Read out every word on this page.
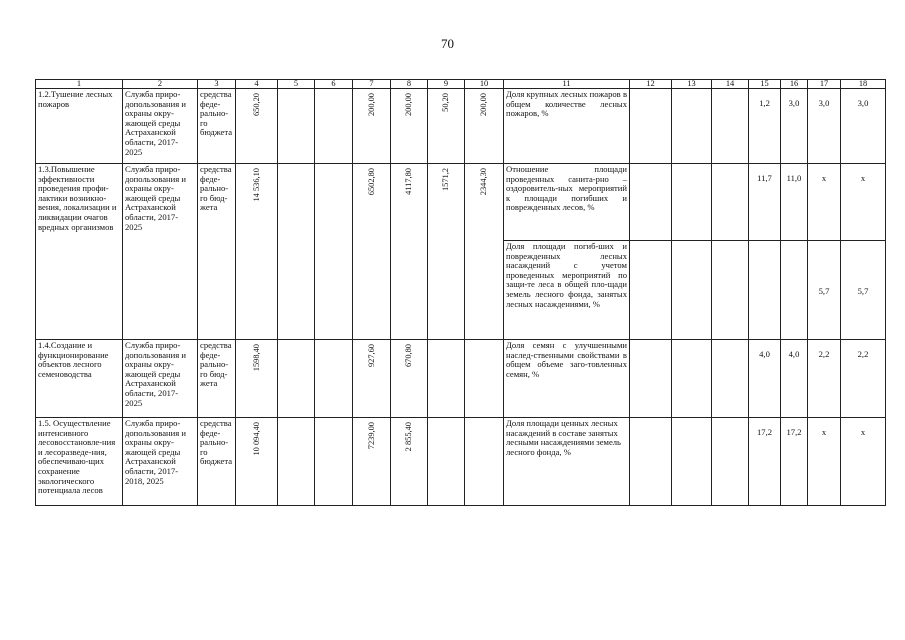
70
1	2	3	4	5	6	7	8	9	10	11	12	13	14	15	16	17	18
1.2.Тушение лесных пожаров	Служба приро-допользования и охраны окру-жающей среды Астраханской области, 2017-2025	средства феде-рально-го бюджета	650,20			200,00	200,00	50,20	200,00	Доля крупных лесных пожаров в общем количестве лесных пожаров, %				1,2	3,0	3,0	3,0
1.3.Повышение эффективности проведения профи-лактики возникно-вения, локализации и ликвидации очагов вредных организмов	Служба приро-допользования и охраны окру-жающей среды Астраханской области, 2017- 2025	средства феде-рально-го бюд-жета	14 536,10			6502,80	4117,80	1571,2	2344,30	Отношение площади проведенных санита-рно – оздоровитель-ных мероприятий к площади погибших и поврежденных лесов, %				11,7	11,0	x	x
										Доля площади погиб-ших и поврежденных лесных насаждений с учетом проведенных мероприятий по защи-те леса в общей пло-щади земель лесного фонда, занятых лесных насаждениями, %						5,7	5,7
1.4.Создание и функционирование объектов лесного семеноводства	Служба приро-допользования и охраны окру-жающей среды Астраханской области, 2017-2025	средства феде-рально-го бюд-жета	1598,40			927,60	670,80			Доля семян с улучшенными наслед-ственными свойствами в общем объеме заго-товленных семян, %				4,0	4,0	2,2	2,2
1.5. Осуществление интенсивного лесовосстановле-ния и лесоразведе-ния, обеспечиваю-щих сохранение экологического потенциала лесов	Служба приро-допользования и охраны окру-жающей среды Астраханской области, 2017- 2018, 2025	средства феде-рально-го бюджета	10 094,40			7239,00	2 855,40			Доля площади ценных лесных насаждений в составе занятых лесными насаждениями земель лесного фонда, %				17,2	17,2	x	x
